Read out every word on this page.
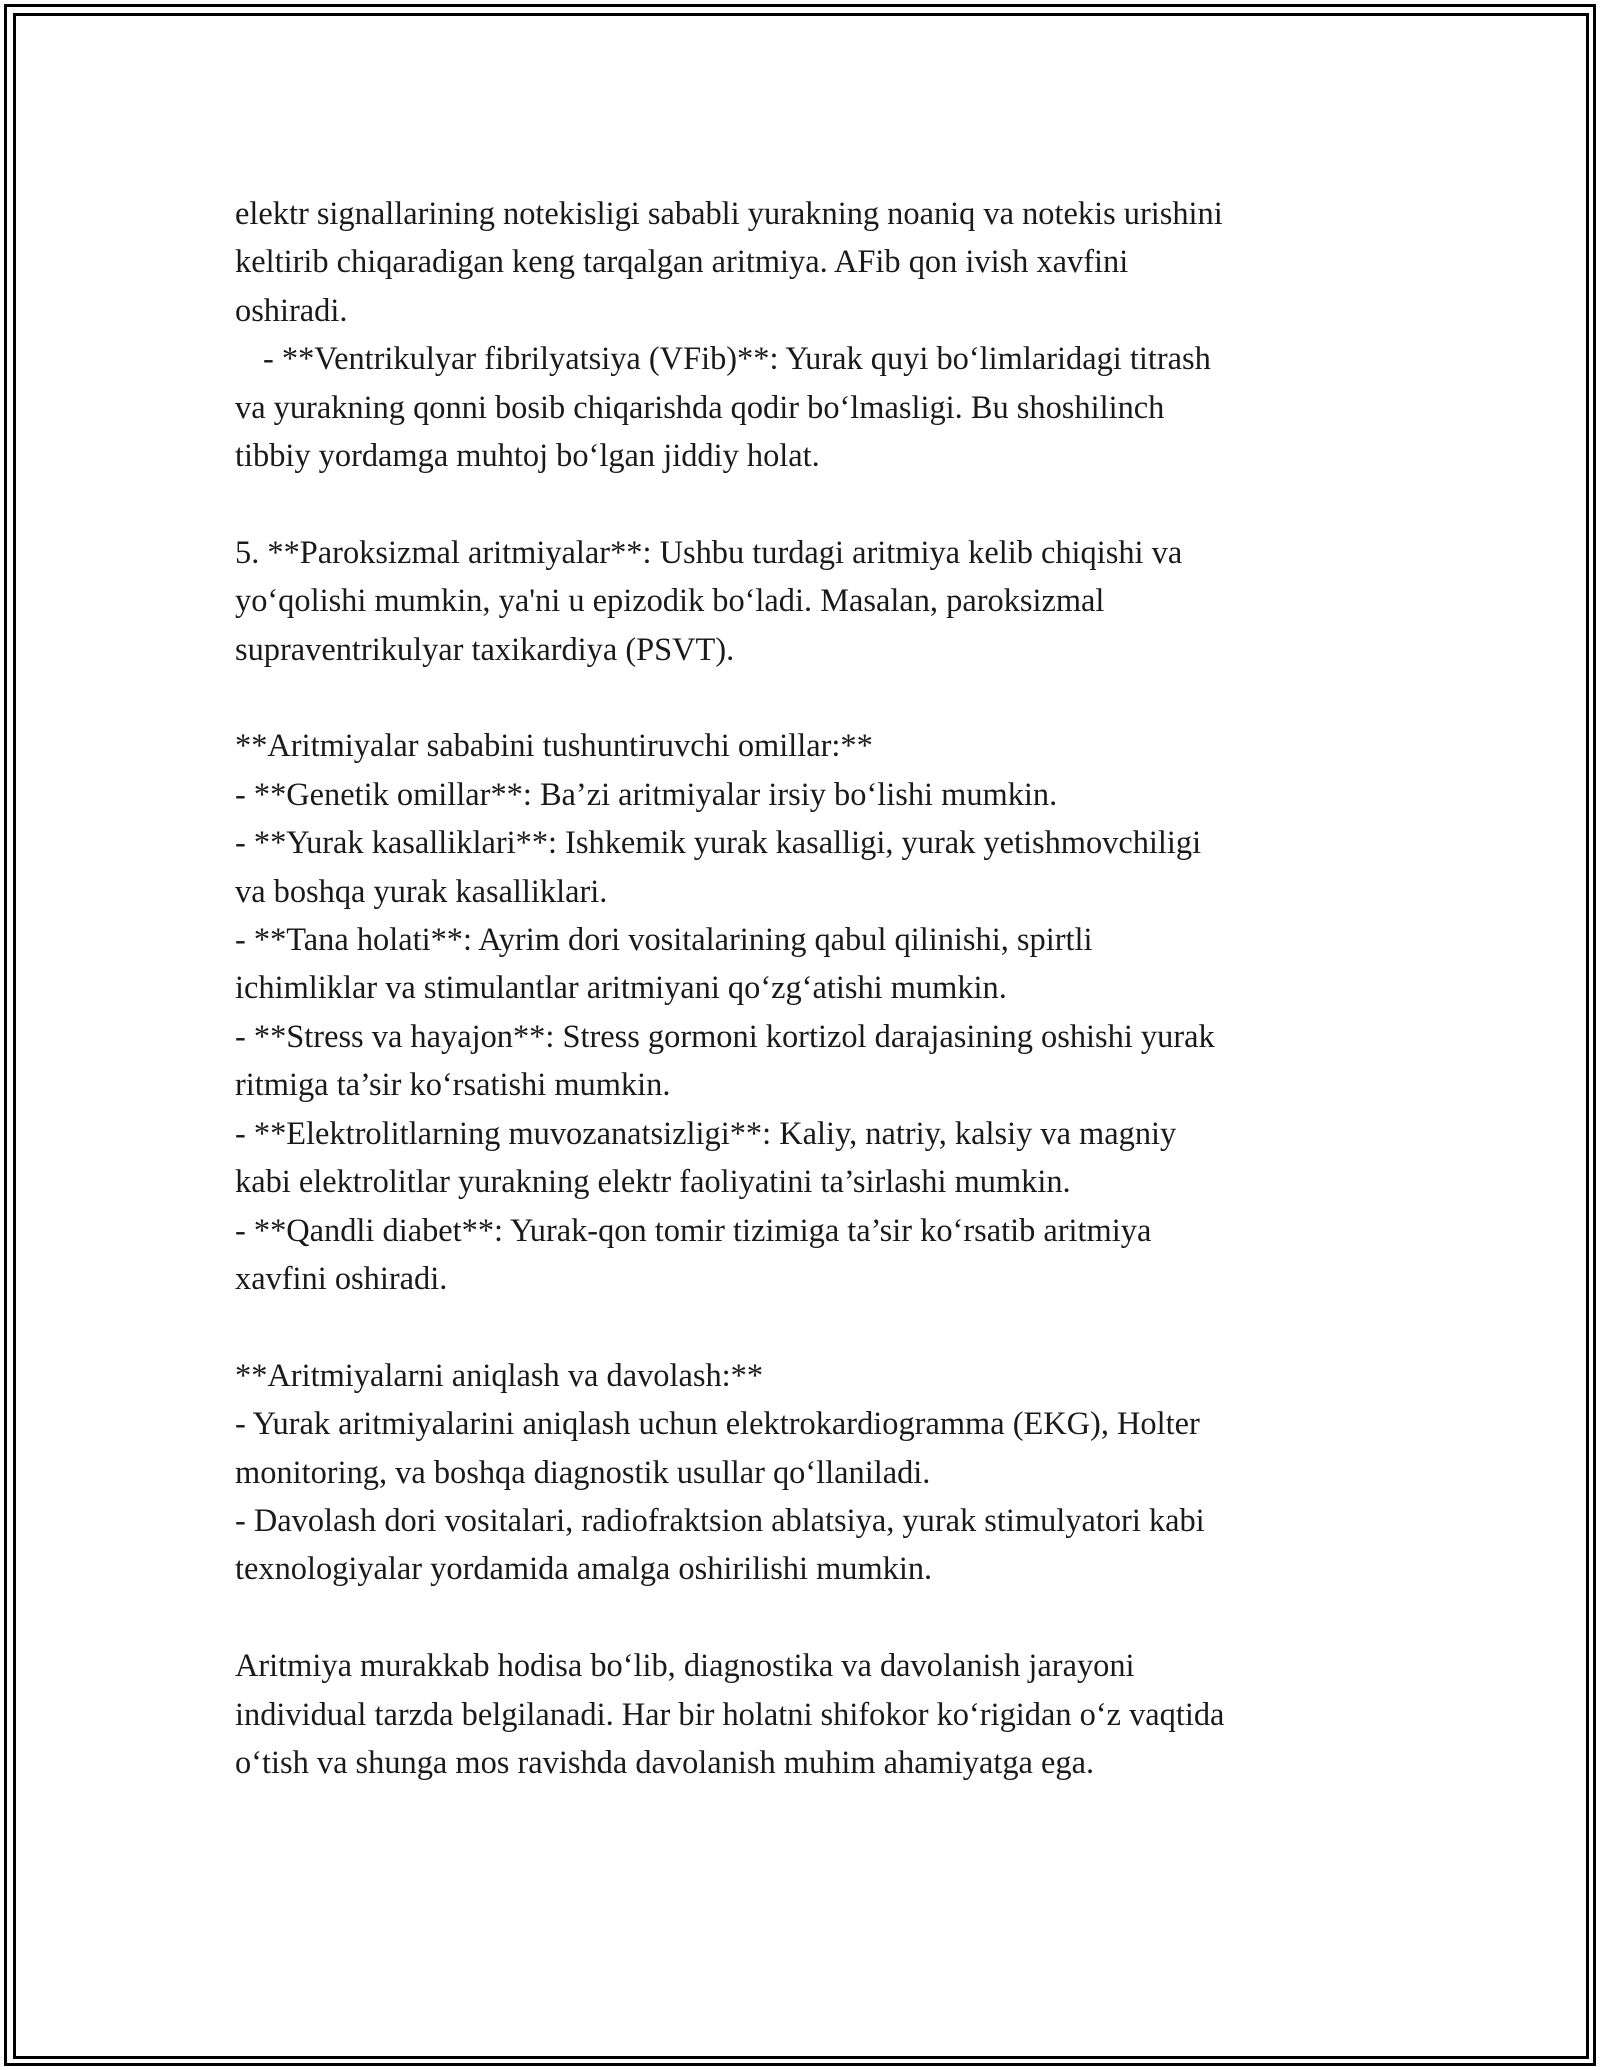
elektr signallarining notekisligi sababli yurakning noaniq va notekis urishini

keltirib chiqaradigan keng tarqalgan aritmiya. AFib qon ivish xavfini

oshiradi.

- **Ventrikulyar fibrilyatsiya (VFib)**: Yurak quyi bo‘limlaridagi titrash

va yurakning qonni bosib chiqarishda qodir bo‘lmasligi. Bu shoshilinch

tibbiy yordamga muhtoj bo‘lgan jiddiy holat.

5. **Paroksizmal aritmiyalar**: Ushbu turdagi aritmiya kelib chiqishi va

yo‘qolishi mumkin, ya'ni u epizodik bo‘ladi. Masalan, paroksizmal

supraventrikulyar taxikardiya (PSVT).

**Aritmiyalar sababini tushuntiruvchi omillar:**

- **Genetik omillar**: Ba’zi aritmiyalar irsiy bo‘lishi mumkin.

- **Yurak kasalliklari**: Ishkemik yurak kasalligi, yurak yetishmovchiligi

va boshqa yurak kasalliklari.

- **Tana holati**: Ayrim dori vositalarining qabul qilinishi, spirtli

ichimliklar va stimulantlar aritmiyani qo‘zg‘atishi mumkin.

- **Stress va hayajon**: Stress gormoni kortizol darajasining oshishi yurak

ritmiga ta’sir ko‘rsatishi mumkin.

- **Elektrolitlarning muvozanatsizligi**: Kaliy, natriy, kalsiy va magniy

kabi elektrolitlar yurakning elektr faoliyatini ta’sirlashi mumkin.

- **Qandli diabet**: Yurak-qon tomir tizimiga ta’sir ko‘rsatib aritmiya

xavfini oshiradi.

**Aritmiyalarni aniqlash va davolash:**

- Yurak aritmiyalarini aniqlash uchun elektrokardiogramma (EKG), Holter

monitoring, va boshqa diagnostik usullar qo‘llaniladi.

- Davolash dori vositalari, radiofraktsion ablatsiya, yurak stimulyatori kabi

texnologiyalar yordamida amalga oshirilishi mumkin.

Aritmiya murakkab hodisa bo‘lib, diagnostika va davolanish jarayoni

individual tarzda belgilanadi. Har bir holatni shifokor ko‘rigidan o‘z vaqtida

o‘tish va shunga mos ravishda davolanish muhim ahamiyatga ega.
